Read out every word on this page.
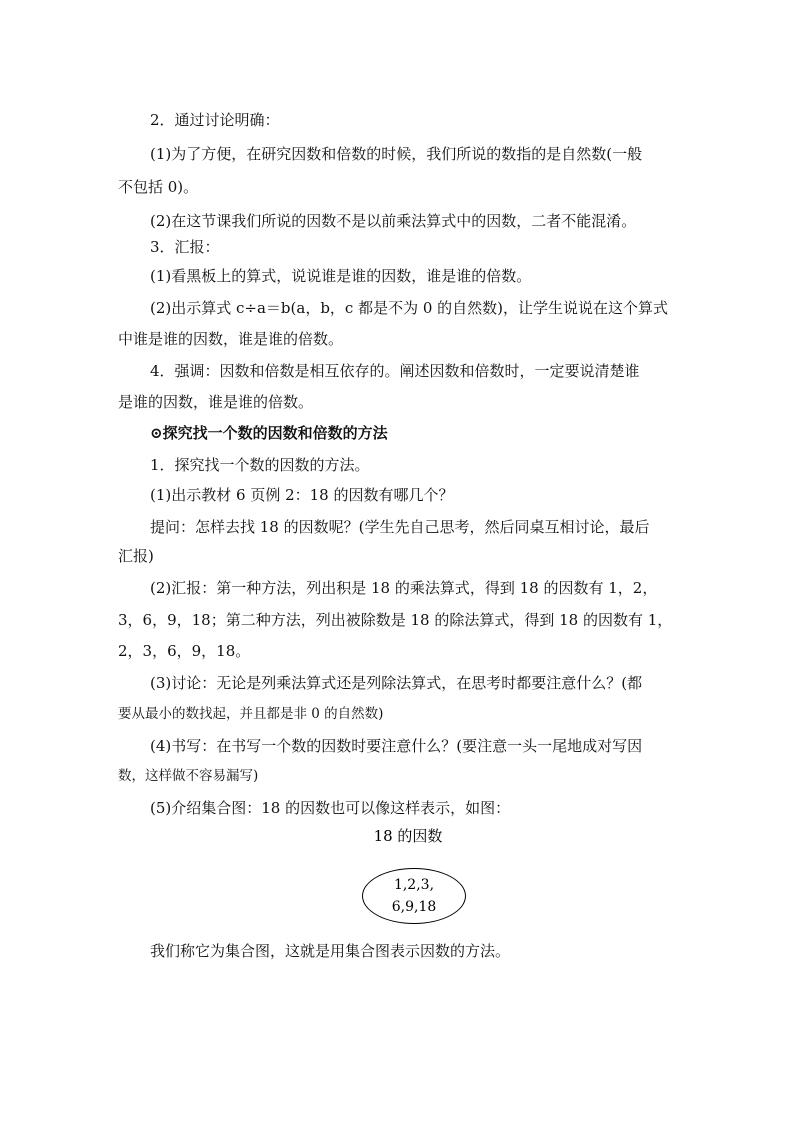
2．通过讨论明确：
(1)为了方便，在研究因数和倍数的时候，我们所说的数指的是自然数(一般
不包括 0)。
(2)在这节课我们所说的因数不是以前乘法算式中的因数，二者不能混淆。
3．汇报：
(1)看黑板上的算式，说说谁是谁的因数，谁是谁的倍数。
(2)出示算式 c÷a＝b(a，b，c 都是不为 0 的自然数)，让学生说说在这个算式
中谁是谁的因数，谁是谁的倍数。
4．强调：因数和倍数是相互依存的。阐述因数和倍数时，一定要说清楚谁
是谁的因数，谁是谁的倍数。
⊙探究找一个数的因数和倍数的方法
1．探究找一个数的因数的方法。
(1)出示教材 6 页例 2：18 的因数有哪几个？
提问：怎样去找 18 的因数呢？(学生先自己思考，然后同桌互相讨论，最后
汇报)
(2)汇报：第一种方法，列出积是 18 的乘法算式，得到 18 的因数有 1，2，
3，6，9，18；第二种方法，列出被除数是 18 的除法算式，得到 18 的因数有 1，
2，3，6，9，18。
(3)讨论：无论是列乘法算式还是列除法算式，在思考时都要注意什么？(都
要从最小的数找起，并且都是非 0 的自然数)
(4)书写：在书写一个数的因数时要注意什么？(要注意一头一尾地成对写因
数，这样做不容易漏写)
(5)介绍集合图：18 的因数也可以像这样表示，如图：
18 的因数
1,2,3,
6,9,18
我们称它为集合图，这就是用集合图表示因数的方法。
